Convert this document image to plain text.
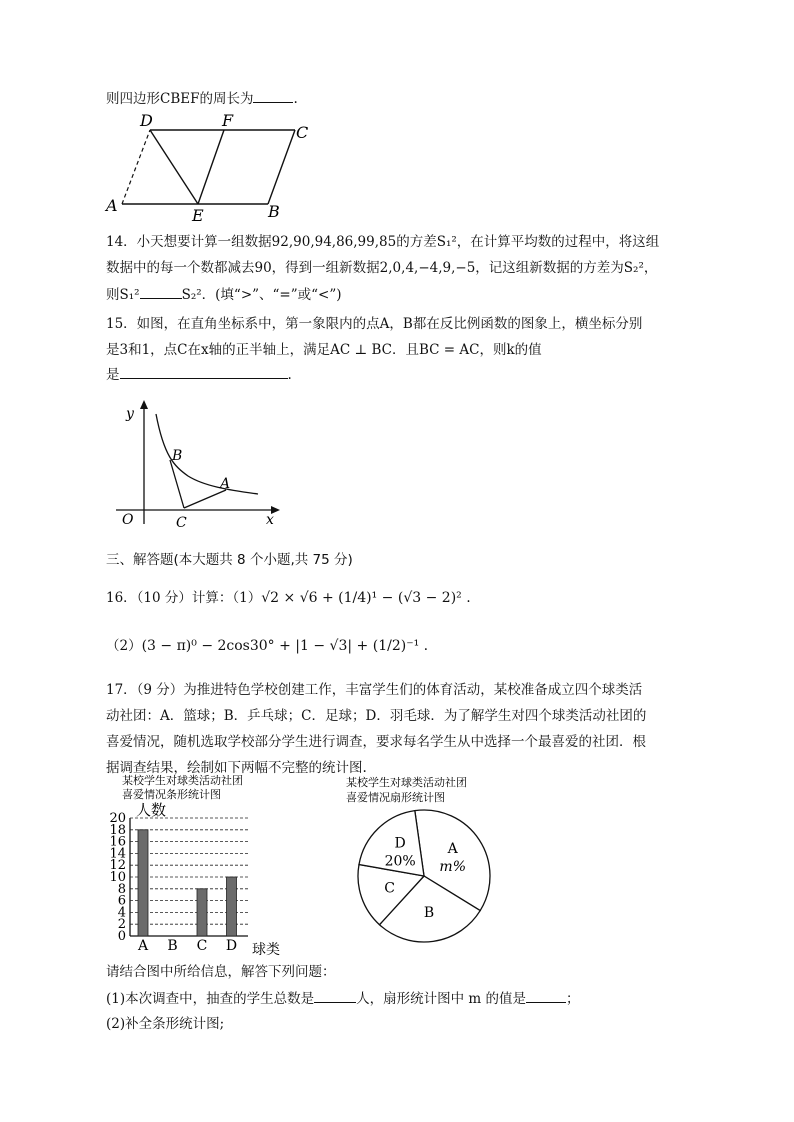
则四边形CBEF的周长为	.
D	F
C
A
E	B
14．小天想要计算一组数据92,90,94,86,99,85的方差S₁²，在计算平均数的过程中，将这组
数据中的每一个数都减去90，得到一组新数据2,0,4,−4,9,−5，记这组新数据的方差为S₂²，
则S₁²	S₂²．(填“>”、“=”或“<”)
15．如图，在直角坐标系中，第一象限内的点A，B都在反比例函数的图象上，横坐标分别
是3和1，点C在x轴的正半轴上，满足AC ⊥ BC．且BC = AC，则k的值
是	.
y
B
A
O	C	x
三、解答题(本大题共 8 个小题,共 75 分)
16．（10 分）计算：（1）√2 × √6 + (1/4)¹ − (√3 − 2)² .
（2）(3 − π)⁰ − 2cos30° + |1 − √3| + (1/2)⁻¹ .
17．（9 分）为推进特色学校创建工作，丰富学生们的体育活动，某校准备成立四个球类活
动社团：A．篮球；B．乒乓球；C．足球；D．羽毛球．为了解学生对四个球类活动社团的
喜爱情况，随机选取学校部分学生进行调查，要求每名学生从中选择一个最喜爱的社团．根
据调查结果，绘制如下两幅不完整的统计图.
某校学生对球类活动社团
喜爱情况条形统计图
人数
球类
0
2
4
6
8
10
12
14
16
18
20
A B C D
某校学生对球类活动社团
喜爱情况扇形统计图
A
m%
B
C
D
20%
请结合图中所给信息，解答下列问题：
(1)本次调查中，抽查的学生总数是	人，扇形统计图中 m 的值是	；
(2)补全条形统计图;
